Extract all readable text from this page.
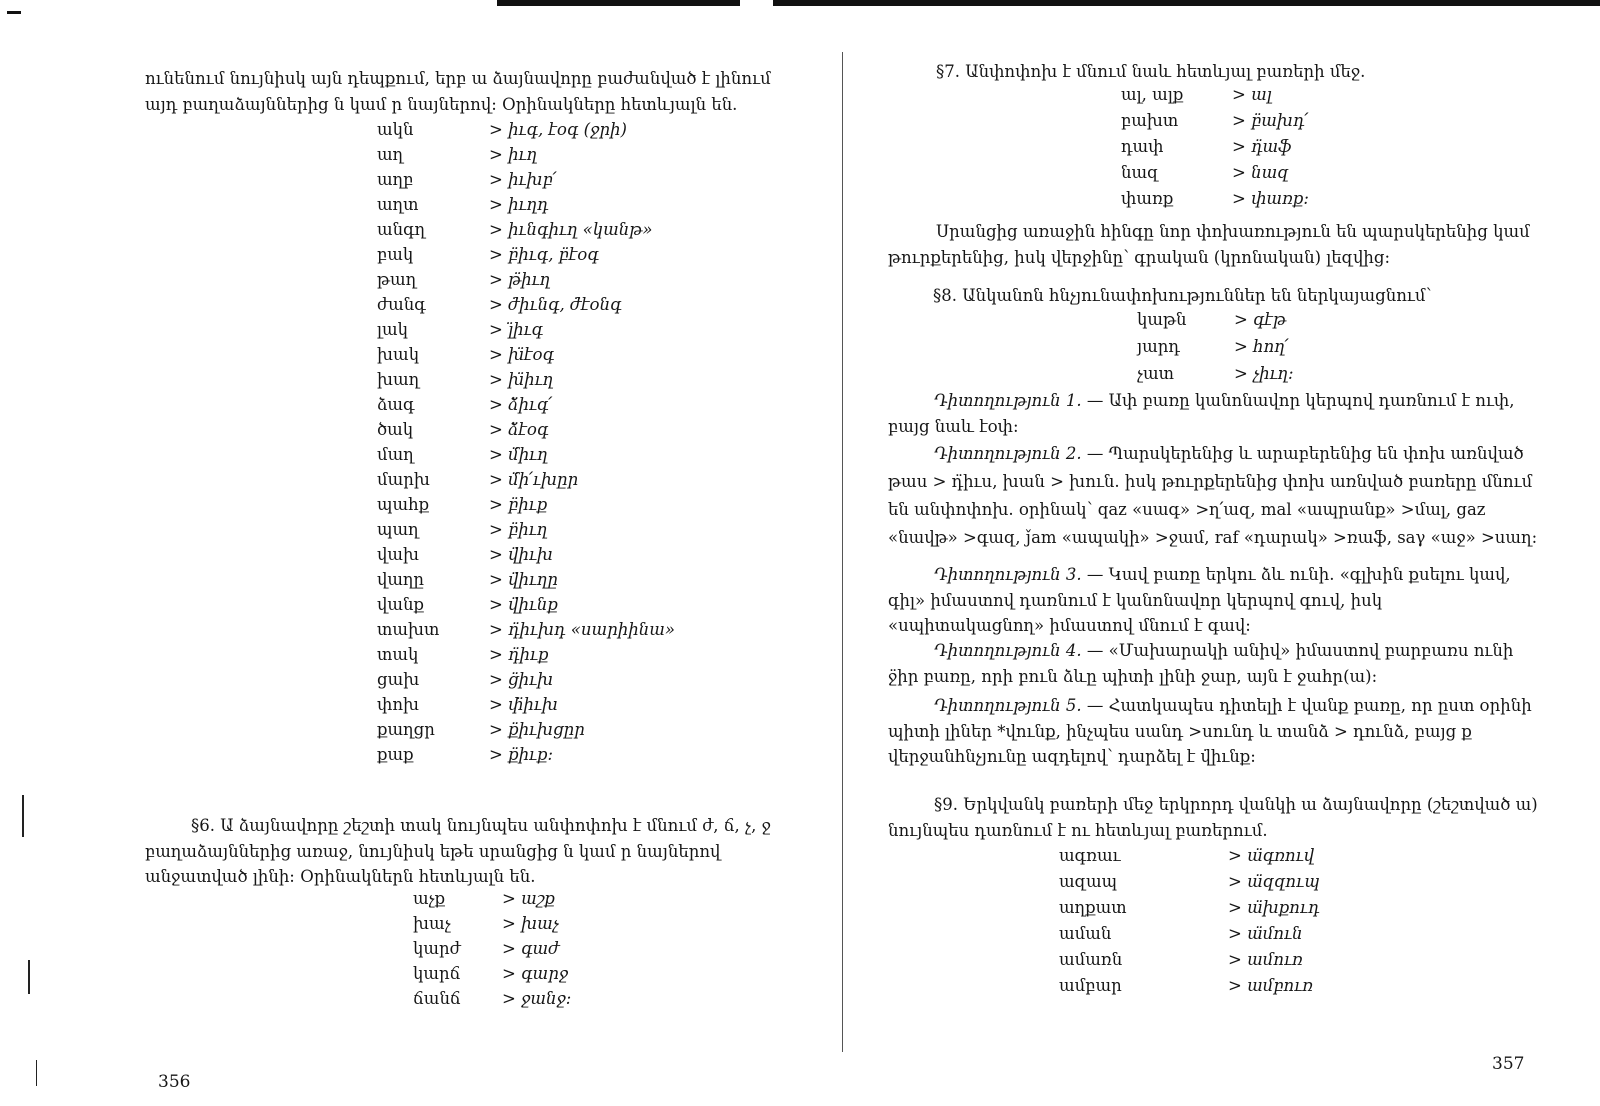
ունենում նույնիսկ այն դեպքում, երբ ա ձայնավորը բաժանված է լինում այդ բաղաձայններից ն կամ ր նայներով: Օրինակները հետևյալն են.

ակն	> իւգ, էօգ (ջրի)
աղ	> իւղ
աղբ	> իւխբ՛
աղտ	> իւղդ
անգղ	> իւնգիւղ «կանթ»
բակ	> բ̈իւգ, բ̈էօգ
թաղ	> թ̈իւղ
ժանգ	> ժ̈իւնգ, ժ̈էօնգ
լակ	> լ̈իւգ
խակ	> խ̈էօգ
խաղ	> խ̈իւղ
ձագ	> ձ̈իւգ՛
ծակ	> ձ̈էօգ
մաղ	> մ̈իւղ
մարխ	> մ̈ի՛ւխըր
պահք	> բ̈իւք
պաղ	> բ̈իւղ
վախ	> վ̈իւխ
վաղը	> վ̈իւղը
վանք	> վ̈իւնք
տախտ	> դ̈իւխդ «սարիինա»
տակ	> դ̈իւք
ցախ	> ց̈իւխ
փոխ	> փ̈իւխ
քաղցր	> ք̈իւխցըր
քաք	> ք̈իւք:

§6. Ա ձայնավորը շեշտի տակ նույնպես անփոփոխ է մնում ժ, ճ, չ, ջ բաղաձայններից առաջ, նույնիսկ եթե սրանցից ն կամ ր նայներով անջատված լինի: Օրինակներն հետևյալն են.

աչք	> աշք
խաչ	> խաչ
կարժ	> գաժ
կարճ	> գարջ
ճանճ	> ջանջ:
356

§7. Անփոփոխ է մնում նաև հետևյալ բառերի մեջ.

ալ, ալք	> ալ
բախտ	> բ̈ախդ՛
դափ	> դ̈աֆ
նազ	> նազ
փառք	> փառք:

Սրանցից առաջին հինգը նոր փոխառություն են պարսկերենից կամ թուրքերենից, իսկ վերջինը՝ գրական (կրոնական) լեզվից:

§8. Անկանոն հնչյունափոխություններ են ներկայացնում՝

կաթն	> գէթ
յարդ	> հող՛
չատ	> չիւղ:

Դիտողություն 1. — Ափ բառը կանոնավոր կերպով դառնում է ուփ, բայց նաև էօփ:

Դիտողություն 2. — Պարսկերենից և արաբերենից են փոխ առնված թաս > դ̈իւս, խան > խուն. իսկ թուրքերենից փոխ առնված բառերը մնում են անփոփոխ. օրինակ՝ qaz «սագ» >ղ՛ազ, mal «ապրանք» >մալ, gaz «նավթ» >գազ, ǰam «ապակի» >ջամ, raf «դարակ» >ռաֆ, saγ «աջ» >սաղ:

Դիտողություն 3. — Կավ բառը երկու ձև ունի. «գլխին քսելու կավ, գիլ» իմաստով դառնում է կանոնավոր կերպով գուվ, իսկ «սպիտակացնող» իմաստով մնում է գավ:

Դիտողություն 4. — «Մախարակի անիվ» իմաստով բարբառս ունի ջ̈իր բառը, որի բուն ձևը պիտի լինի ջար, այն է ջահր(ա):

Դիտողություն 5. — Հատկապես դիտելի է վանք բառը, որ ըստ օրինի պիտի լիներ *վունք, ինչպես սանդ >սունդ և տանձ > դունձ, բայց ք վերջանհնչյունը ազդելով՝ դարձել է վ̈իւնք:

§9. Երկվանկ բառերի մեջ երկրորդ վանկի ա ձայնավորը (շեշտված ա) նույնպես դառնում է ու հետևյալ բառերում.

ագռաւ	> ա̈գռուվ
ազապ	> ա̈զզուպ
աղքատ	> ա̈խքուդ
աման	> ա̈մուն
ամառն	> ամուռ
ամբար	> ամբուռ
357
